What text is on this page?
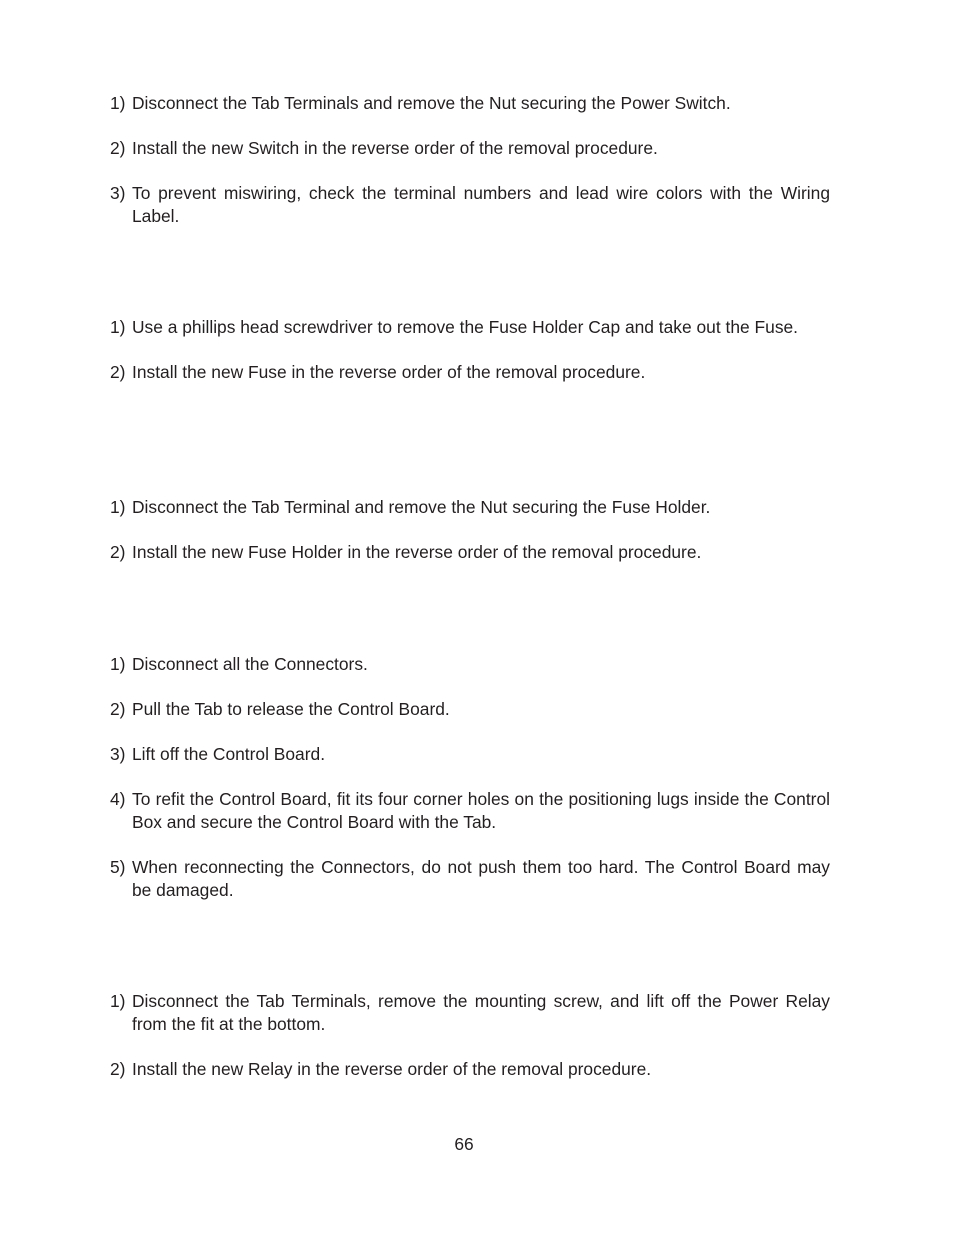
1) Disconnect the Tab Terminals and remove the Nut securing the Power Switch.
2) Install the new Switch in the reverse order of the removal procedure.
3) To prevent miswiring, check the terminal numbers and lead wire colors with the Wiring Label.
1) Use a phillips head screwdriver to remove the Fuse Holder Cap and take out the Fuse.
2) Install the new Fuse in the reverse order of the removal procedure.
1) Disconnect the Tab Terminal and remove the Nut securing the Fuse Holder.
2) Install the new Fuse Holder in the reverse order of the removal procedure.
1) Disconnect all the Connectors.
2) Pull the Tab to release the Control Board.
3) Lift off the Control Board.
4) To refit the Control Board, fit its four corner holes on the positioning lugs inside the Control Box and secure the Control Board with the Tab.
5) When reconnecting the Connectors, do not push them too hard. The Control Board may be damaged.
1) Disconnect the Tab Terminals, remove the mounting screw, and lift off the Power Relay from the fit at the bottom.
2) Install the new Relay in the reverse order of the removal procedure.
66
